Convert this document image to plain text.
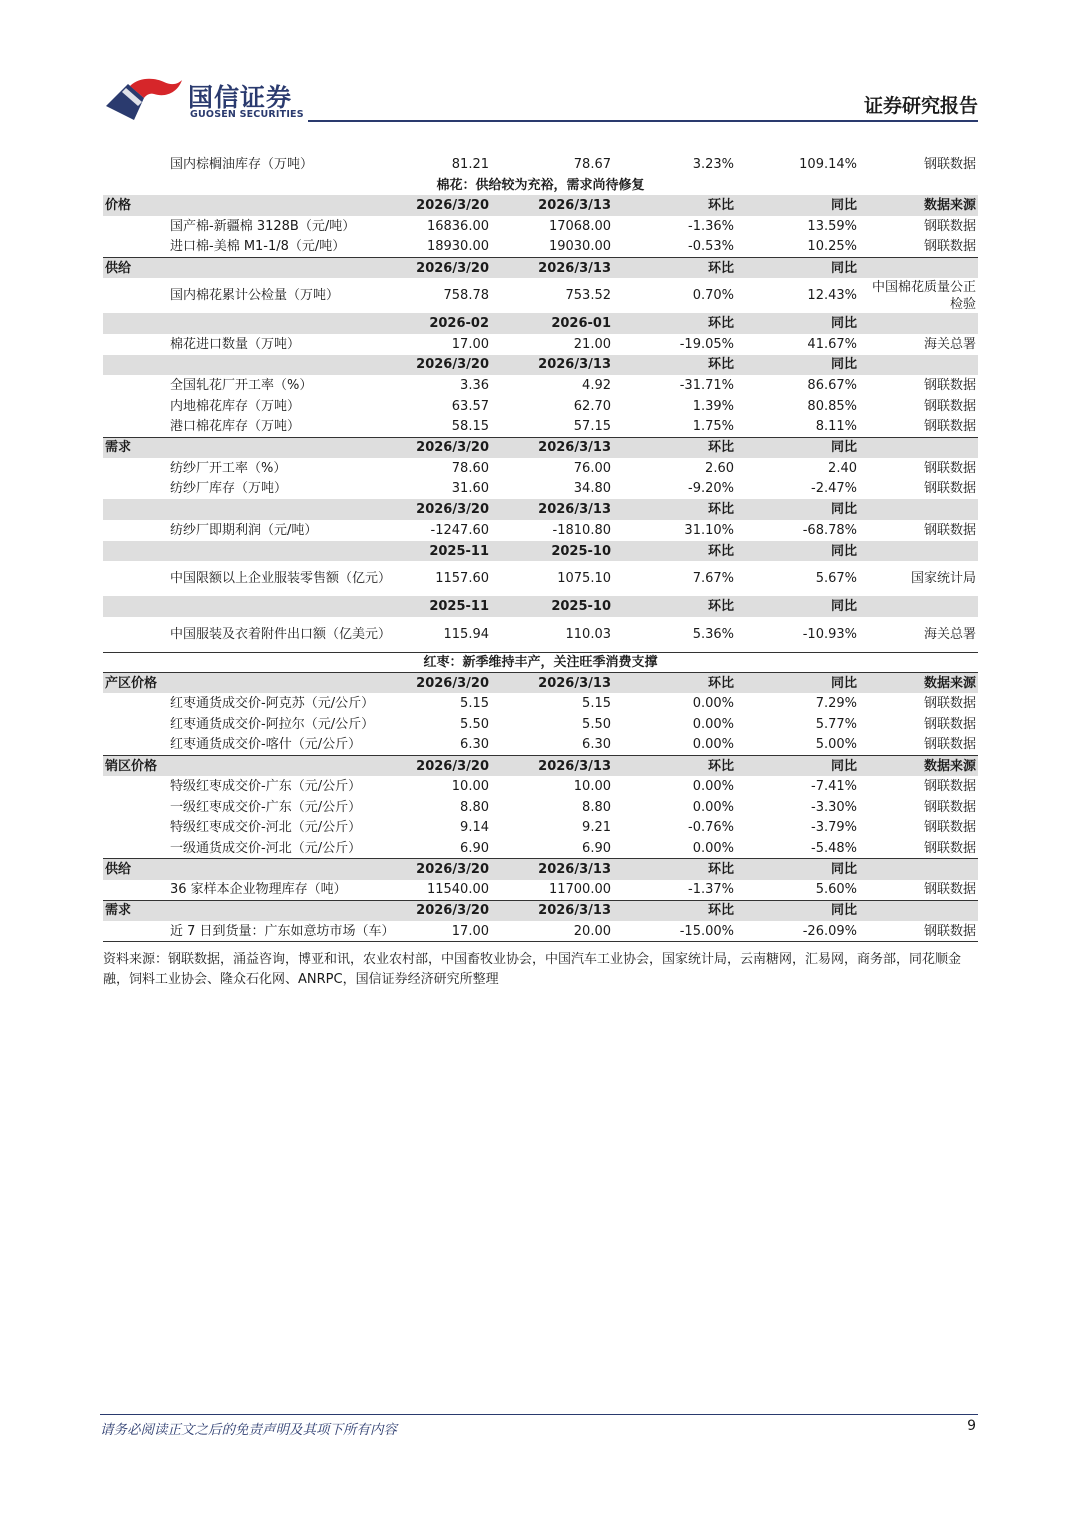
国信证券
GUOSEN SECURITIES	证券研究报告
	国内棕榈油库存（万吨）	81.21	78.67	3.23%	109.14%	钢联数据
棉花：供给较为充裕，需求尚待修复						
价格		2026/3/20	2026/3/13	环比	同比	数据来源
	国产棉-新疆棉 3128B（元/吨）	16836.00	17068.00	-1.36%	13.59%	钢联数据
	进口棉-美棉 M1-1/8（元/吨）	18930.00	19030.00	-0.53%	10.25%	钢联数据
供给		2026/3/20	2026/3/13	环比	同比	
	国内棉花累计公检量（万吨）	758.78	753.52	0.70%	12.43%	中国棉花质量公正检验
		2026-02	2026-01	环比	同比	
	棉花进口数量（万吨）	17.00	21.00	-19.05%	41.67%	海关总署
		2026/3/20	2026/3/13	环比	同比	
	全国轧花厂开工率（%）	3.36	4.92	-31.71%	86.67%	钢联数据
	内地棉花库存（万吨）	63.57	62.70	1.39%	80.85%	钢联数据
	港口棉花库存（万吨）	58.15	57.15	1.75%	8.11%	钢联数据
需求		2026/3/20	2026/3/13	环比	同比	
	纺纱厂开工率（%）	78.60	76.00	2.60	2.40	钢联数据
	纺纱厂库存（万吨）	31.60	34.80	-9.20%	-2.47%	钢联数据
		2026/3/20	2026/3/13	环比	同比	
	纺纱厂即期利润（元/吨）	-1247.60	-1810.80	31.10%	-68.78%	钢联数据
		2025-11	2025-10	环比	同比	
	中国限额以上企业服装零售额（亿元）	1157.60	1075.10	7.67%	5.67%	国家统计局
		2025-11	2025-10	环比	同比	
	中国服装及衣着附件出口额（亿美元）	115.94	110.03	5.36%	-10.93%	海关总署
红枣：新季维持丰产，关注旺季消费支撑						
产区价格		2026/3/20	2026/3/13	环比	同比	数据来源
	红枣通货成交价-阿克苏（元/公斤）	5.15	5.15	0.00%	7.29%	钢联数据
	红枣通货成交价-阿拉尔（元/公斤）	5.50	5.50	0.00%	5.77%	钢联数据
	红枣通货成交价-喀什（元/公斤）	6.30	6.30	0.00%	5.00%	钢联数据
销区价格		2026/3/20	2026/3/13	环比	同比	数据来源
	特级红枣成交价-广东（元/公斤）	10.00	10.00	0.00%	-7.41%	钢联数据
	一级红枣成交价-广东（元/公斤）	8.80	8.80	0.00%	-3.30%	钢联数据
	特级红枣成交价-河北（元/公斤）	9.14	9.21	-0.76%	-3.79%	钢联数据
	一级通货成交价-河北（元/公斤）	6.90	6.90	0.00%	-5.48%	钢联数据
供给		2026/3/20	2026/3/13	环比	同比	
	36 家样本企业物理库存（吨）	11540.00	11700.00	-1.37%	5.60%	钢联数据
需求		2026/3/20	2026/3/13	环比	同比	
	近 7 日到货量：广东如意坊市场（车）	17.00	20.00	-15.00%	-26.09%	钢联数据
资料来源：钢联数据，涌益咨询，博亚和讯，农业农村部，中国畜牧业协会，中国汽车工业协会，国家统计局，云南糖网，汇易网，商务部，同花顺金融，饲料工业协会、隆众石化网、ANRPC，国信证券经济研究所整理
请务必阅读正文之后的免责声明及其项下所有内容	9
